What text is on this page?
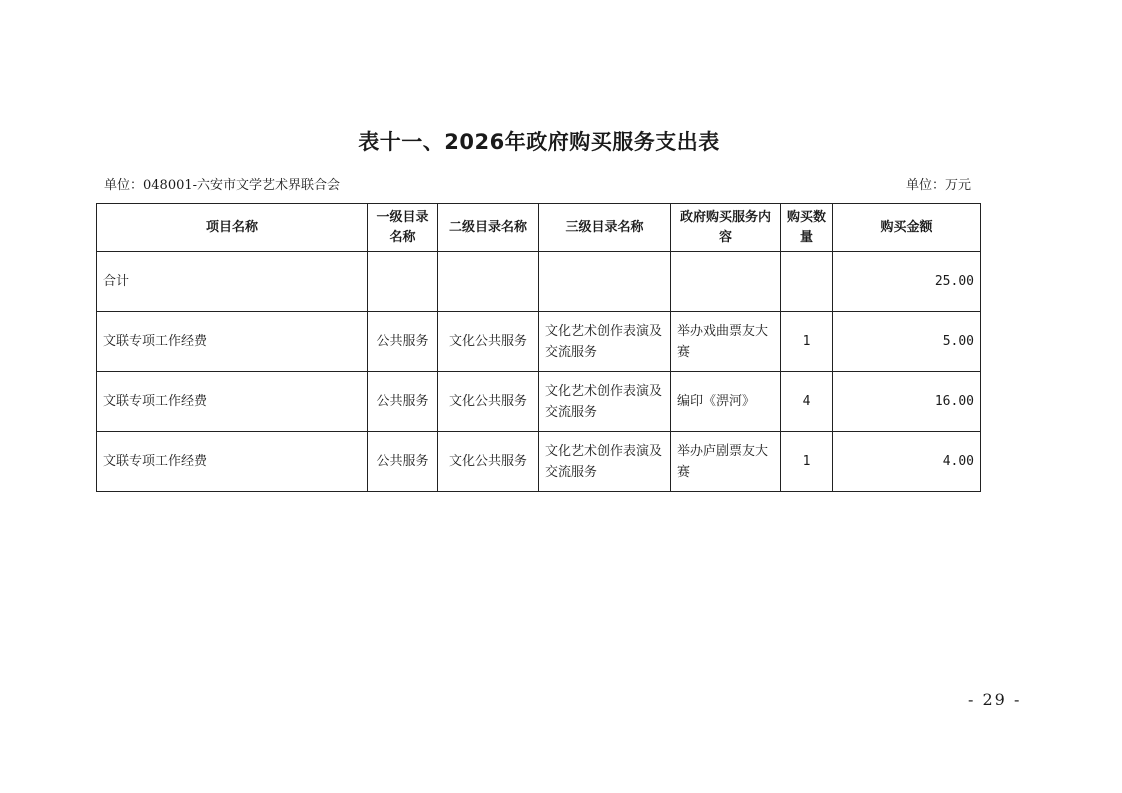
表十一、2026年政府购买服务支出表
单位：048001-六安市文学艺术界联合会	单位：万元
项目名称	一级目录名称	二级目录名称	三级目录名称	政府购买服务内容	购买数量	购买金额
合计						25.00
文联专项工作经费	公共服务	文化公共服务	文化艺术创作表演及交流服务	举办戏曲票友大赛	1	5.00
文联专项工作经费	公共服务	文化公共服务	文化艺术创作表演及交流服务	编印《淠河》	4	16.00
文联专项工作经费	公共服务	文化公共服务	文化艺术创作表演及交流服务	举办庐剧票友大赛	1	4.00
- 29 -
